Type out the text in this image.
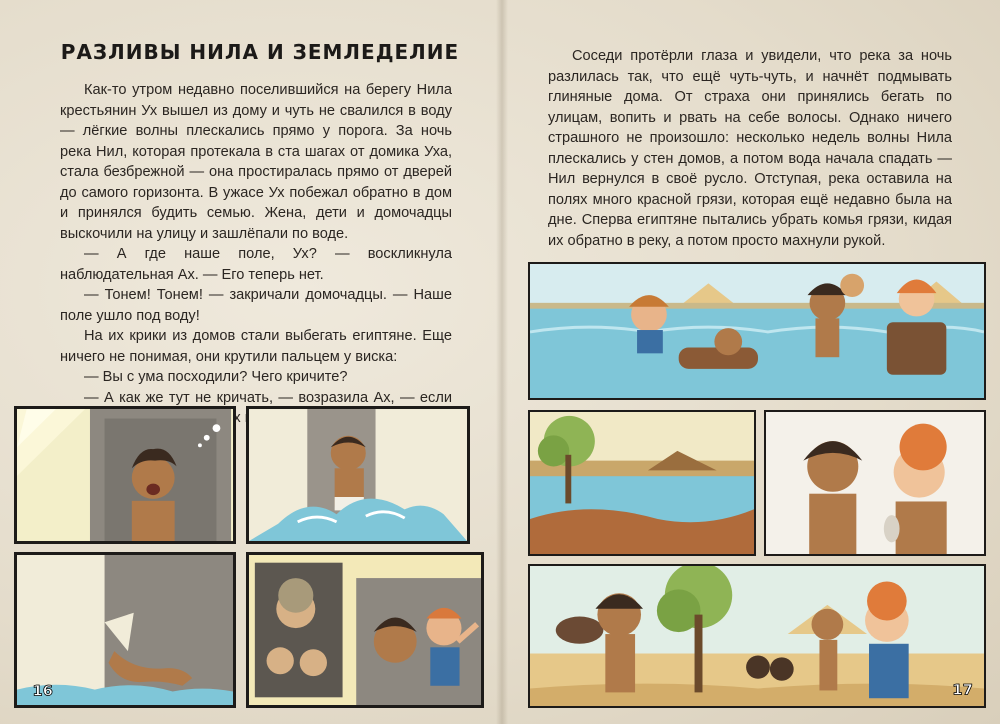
РАЗЛИВЫ НИЛА И ЗЕМЛЕДЕЛИЕ

Как-то утром недавно поселившийся на берегу Нила крестьянин Ух вышел из дому и чуть не свалился в воду — лёгкие волны плескались прямо у порога. За ночь река Нил, которая протекала в ста шагах от домика Уха, стала безбрежной — она простиралась прямо от дверей до самого горизонта. В ужасе Ух побежал обратно в дом и принялся будить семью. Жена, дети и домочадцы выскочили на улицу и зашлёпали по воде.

— А где наше поле, Ух? — воскликнула наблюдательная Ах. — Его теперь нет.

— Тонем! Тонем! — закричали домочадцы. — Наше поле ушло под воду!

На их крики из домов стали выбегать египтяне. Еще ничего не понимая, они крутили пальцем у виска:

— Вы с ума посходили? Чего кричите?

— А как же тут не кричать, — возразила Ах, — если

16

Соседи протёрли глаза и увидели, что река за ночь разлилась так, что ещё чуть-чуть, и начнёт подмывать глиняные дома. От страха они принялись бегать по улицам, вопить и рвать на себе волосы. Однако ничего страшного не произошло: несколько недель волны Нила плескались у стен домов, а потом вода начала спадать — Нил вернулся в своё русло. Отступая, река оставила на полях много красной грязи, которая ещё недавно была на дне. Сперва египтяне пытались убрать комья грязи, кидая их обратно в реку, а потом просто махнули рукой.

17
